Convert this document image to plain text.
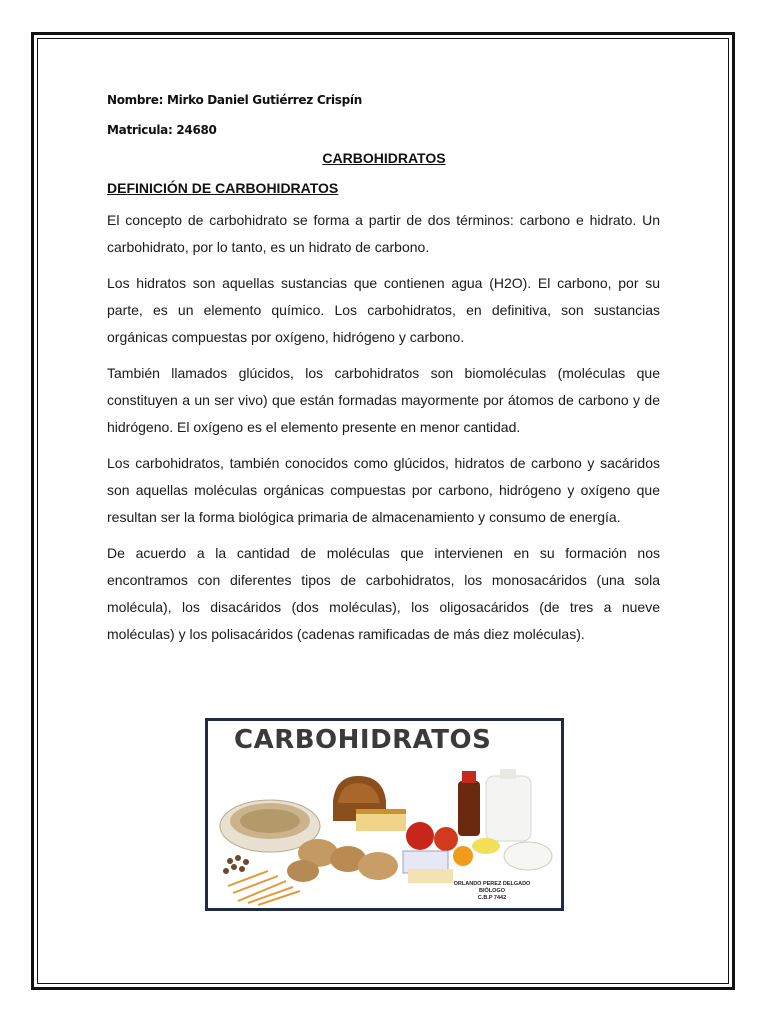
Nombre: Mirko Daniel Gutiérrez Crispín
Matricula: 24680
CARBOHIDRATOS
DEFINICIÓN DE CARBOHIDRATOS

El concepto de carbohidrato se forma a partir de dos términos: carbono e hidrato. Un carbohidrato, por lo tanto, es un hidrato de carbono.

Los hidratos son aquellas sustancias que contienen agua (H2O). El carbono, por su parte, es un elemento químico. Los carbohidratos, en definitiva, son sustancias orgánicas compuestas por oxígeno, hidrógeno y carbono.

También llamados glúcidos, los carbohidratos son biomoléculas (moléculas que constituyen a un ser vivo) que están formadas mayormente por átomos de carbono y de hidrógeno. El oxígeno es el elemento presente en menor cantidad.

Los carbohidratos, también conocidos como glúcidos, hidratos de carbono y sacáridos son aquellas moléculas orgánicas compuestas por carbono, hidrógeno y oxígeno que resultan ser la forma biológica primaria de almacenamiento y consumo de energía.

De acuerdo a la cantidad de moléculas que intervienen en su formación nos encontramos con diferentes tipos de carbohidratos, los monosacáridos (una sola molécula), los disacáridos (dos moléculas), los oligosacáridos (de tres a nueve moléculas) y los polisacáridos (cadenas ramificadas de más diez moléculas).

CARBOHIDRATOS
ORLANDO PEREZ DELGADO
BIÓLOGO
C.B.P 7442
